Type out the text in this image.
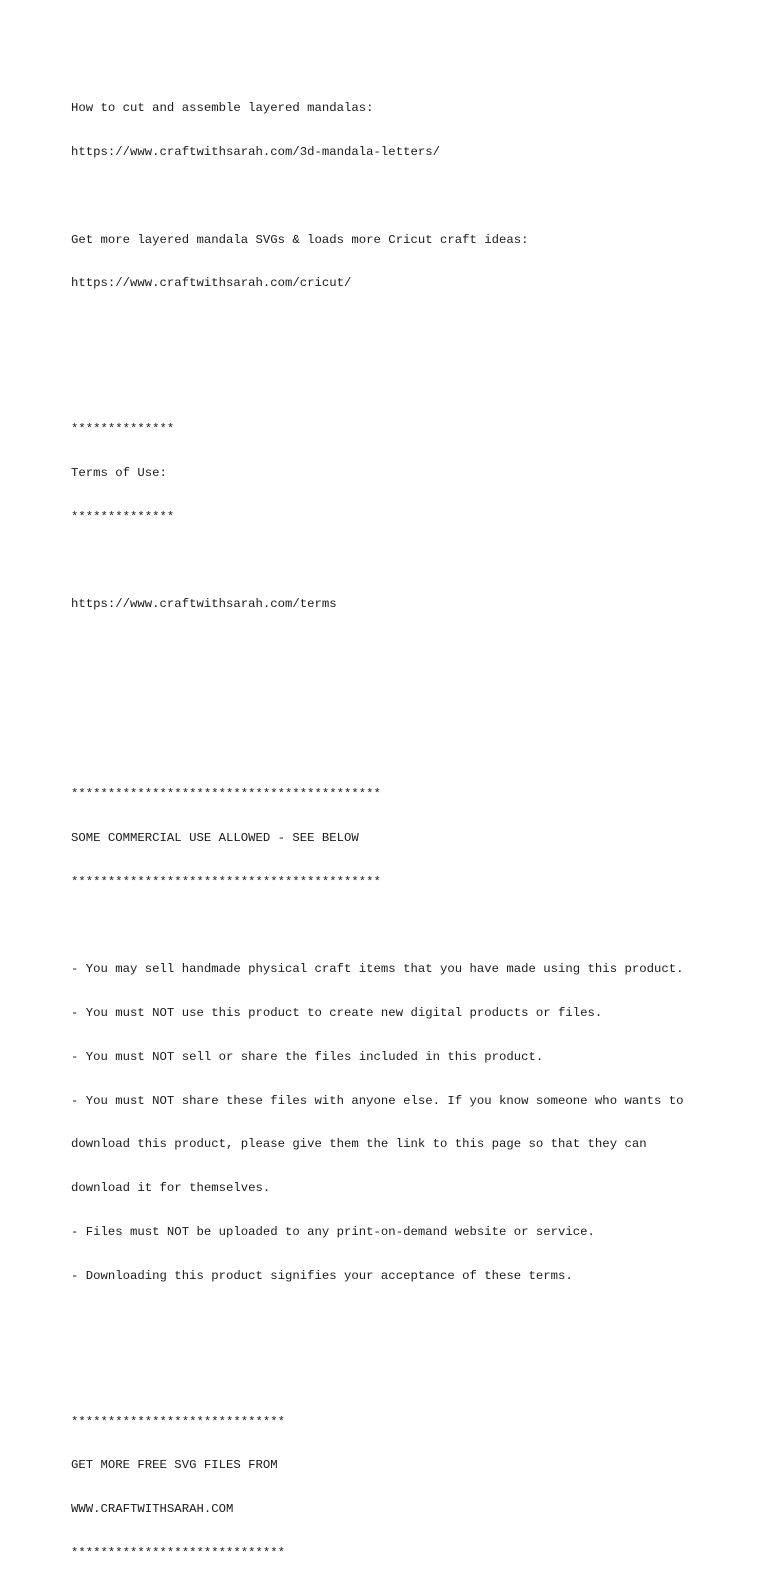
How to cut and assemble layered mandalas:

https://www.craftwithsarah.com/3d-mandala-letters/

Get more layered mandala SVGs & loads more Cricut craft ideas:

https://www.craftwithsarah.com/cricut/

**************

Terms of Use:

**************

https://www.craftwithsarah.com/terms

******************************************

SOME COMMERCIAL USE ALLOWED - SEE BELOW

******************************************

- You may sell handmade physical craft items that you have made using this product.

- You must NOT use this product to create new digital products or files.

- You must NOT sell or share the files included in this product.

- You must NOT share these files with anyone else. If you know someone who wants to

download this product, please give them the link to this page so that they can

download it for themselves.

- Files must NOT be uploaded to any print-on-demand website or service.

- Downloading this product signifies your acceptance of these terms.

*****************************

GET MORE FREE SVG FILES FROM

WWW.CRAFTWITHSARAH.COM

*****************************
